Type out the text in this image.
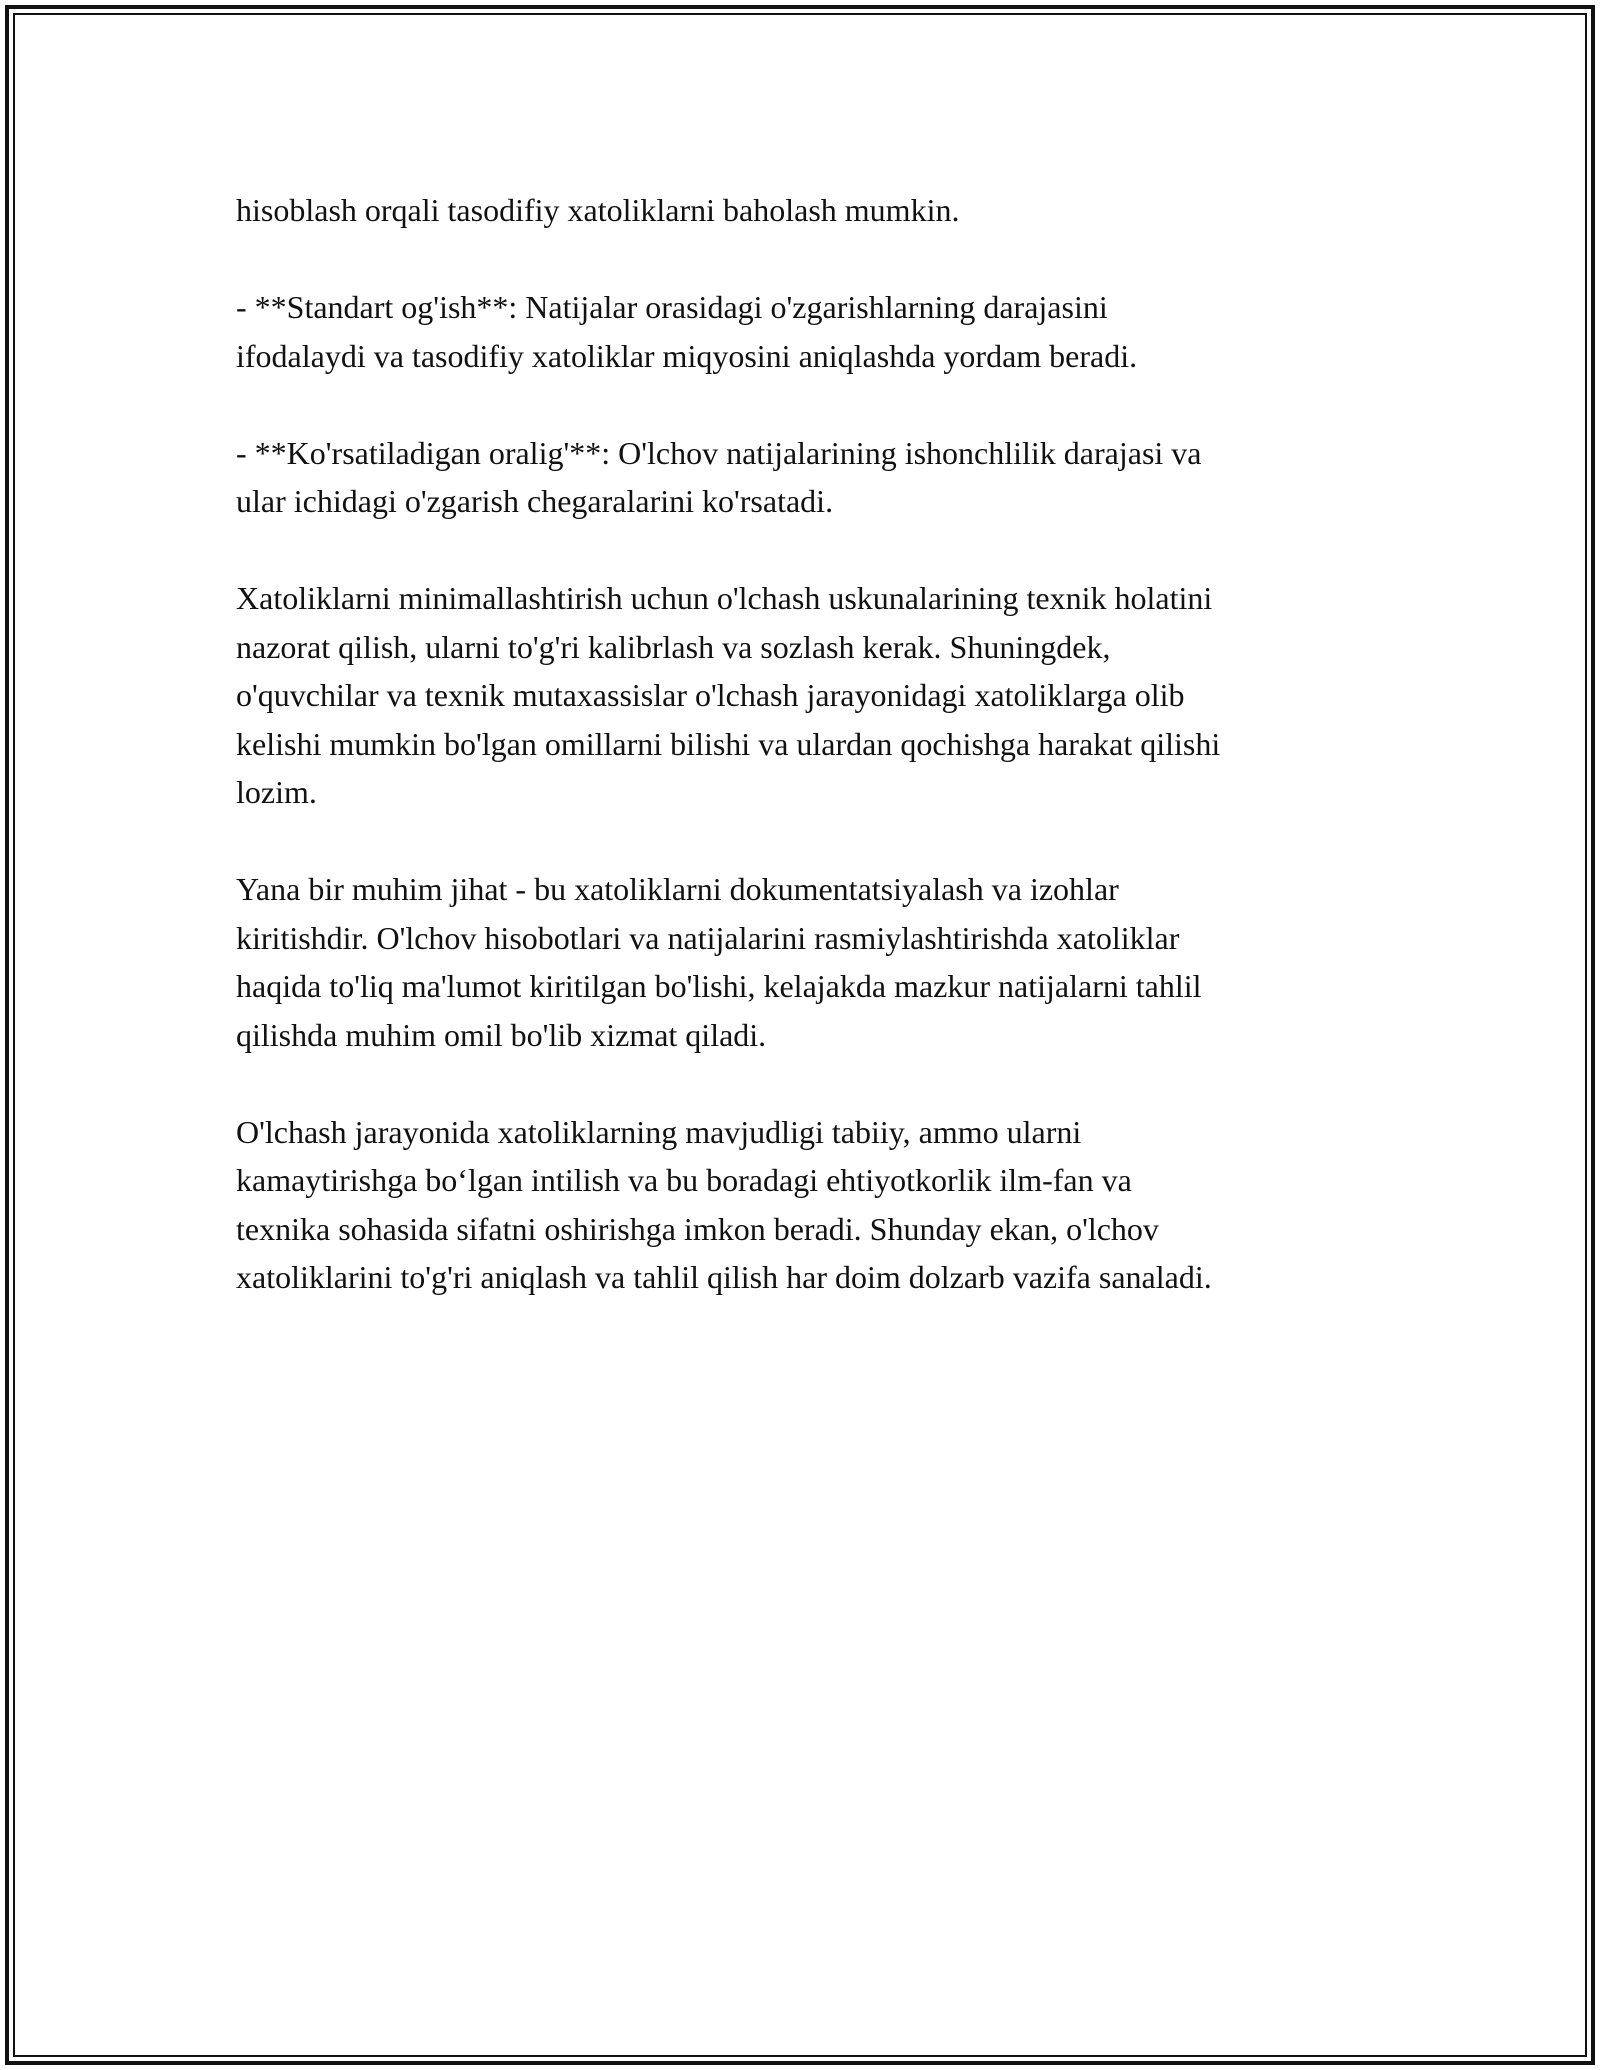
hisoblash orqali tasodifiy xatoliklarni baholash mumkin.

- **Standart og'ish**: Natijalar orasidagi o'zgarishlarning darajasini
ifodalaydi va tasodifiy xatoliklar miqyosini aniqlashda yordam beradi.

- **Ko'rsatiladigan oralig'**: O'lchov natijalarining ishonchlilik darajasi va
ular ichidagi o'zgarish chegaralarini ko'rsatadi.

Xatoliklarni minimallashtirish uchun o'lchash uskunalarining texnik holatini
nazorat qilish, ularni to'g'ri kalibrlash va sozlash kerak. Shuningdek,
o'quvchilar va texnik mutaxassislar o'lchash jarayonidagi xatoliklarga olib
kelishi mumkin bo'lgan omillarni bilishi va ulardan qochishga harakat qilishi
lozim.

Yana bir muhim jihat - bu xatoliklarni dokumentatsiyalash va izohlar
kiritishdir. O'lchov hisobotlari va natijalarini rasmiylashtirishda xatoliklar
haqida to'liq ma'lumot kiritilgan bo'lishi, kelajakda mazkur natijalarni tahlil
qilishda muhim omil bo'lib xizmat qiladi.

O'lchash jarayonida xatoliklarning mavjudligi tabiiy, ammo ularni
kamaytirishga bo‘lgan intilish va bu boradagi ehtiyotkorlik ilm-fan va
texnika sohasida sifatni oshirishga imkon beradi. Shunday ekan, o'lchov
xatoliklarini to'g'ri aniqlash va tahlil qilish har doim dolzarb vazifa sanaladi.
